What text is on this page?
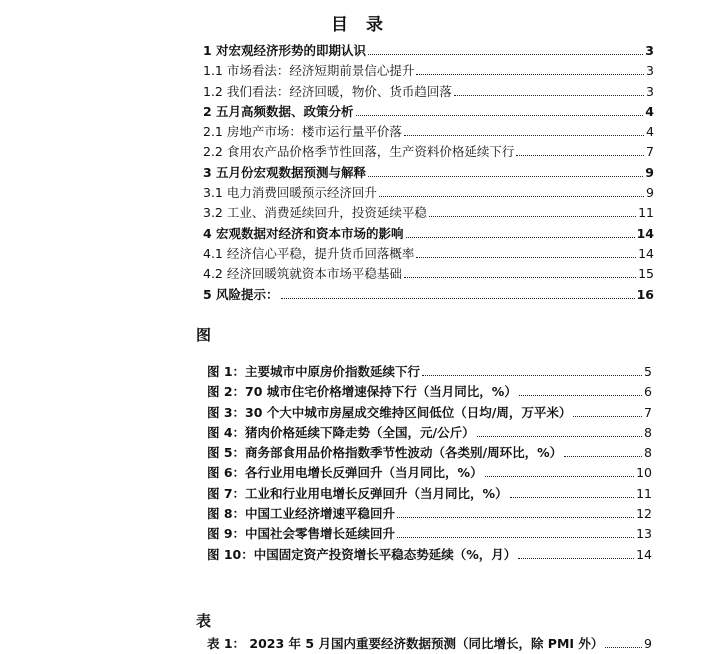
目 录
1 对宏观经济形势的即期认识	3
1.1 市场看法：经济短期前景信心提升	3
1.2 我们看法：经济回暖，物价、货币趋回落	3
2 五月高频数据、政策分析	4
2.1 房地产市场：楼市运行量平价落	4
2.2 食用农产品价格季节性回落，生产资料价格延续下行	7
3 五月份宏观数据预测与解释	9
3.1 电力消费回暖预示经济回升	9
3.2 工业、消费延续回升，投资延续平稳	11
4 宏观数据对经济和资本市场的影响	14
4.1 经济信心平稳，提升货币回落概率	14
4.2 经济回暖筑就资本市场平稳基础	15
5 风险提示：	16
图
图 1：主要城市中原房价指数延续下行	5
图 2：70 城市住宅价格增速保持下行（当月同比，%）	6
图 3：30 个大中城市房屋成交维持区间低位（日均/周，万平米）	7
图 4：猪肉价格延续下降走势（全国，元/公斤）	8
图 5：商务部食用品价格指数季节性波动（各类别/周环比，%）	8
图 6：各行业用电增长反弹回升（当月同比，%）	10
图 7：工业和行业用电增长反弹回升（当月同比，%）	11
图 8：中国工业经济增速平稳回升	12
图 9：中国社会零售增长延续回升	13
图 10：中国固定资产投资增长平稳态势延续（%，月）	14
表
表 1： 2023 年 5 月国内重要经济数据预测（同比增长，除 PMI 外）	9
